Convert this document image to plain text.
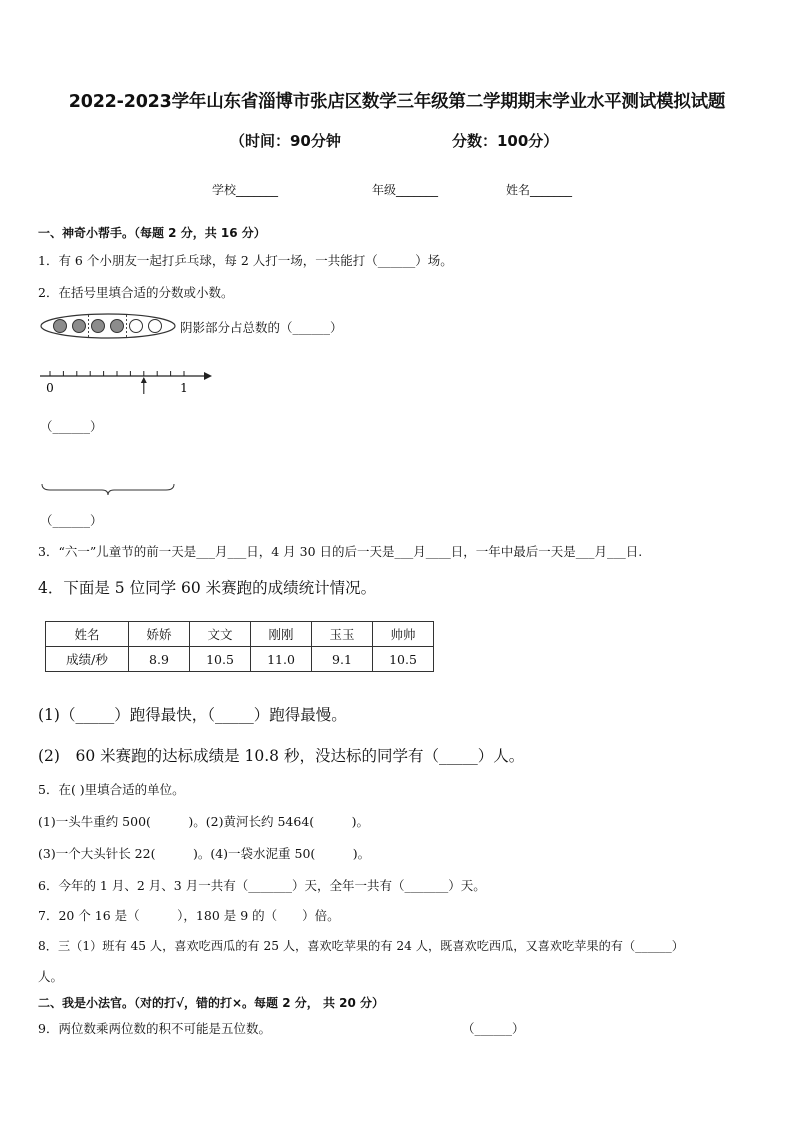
2022-2023学年山东省淄博市张店区数学三年级第二学期期末学业水平测试模拟试题
（时间：90分钟	分数：100分）
学校_______	年级_______	姓名_______
一、神奇小帮手。（每题 2 分，共 16 分）
1．有 6 个小朋友一起打乒乓球，每 2 人打一场，一共能打（______）场。
2．在括号里填合适的分数或小数。
阴影部分占总数的（______）
0	1
（______）
（______）
3．“六一”儿童节的前一天是___月___日，4 月 30 日的后一天是___月____日，一年中最后一天是___月___日.
4．下面是 5 位同学 60 米赛跑的成绩统计情况。
姓名	娇娇	文文	刚刚	玉玉	帅帅
成绩/秒	8.9	10.5	11.0	9.1	10.5
(1)（_____）跑得最快，（_____）跑得最慢。
(2)　60 米赛跑的达标成绩是 10.8 秒，没达标的同学有（_____）人。
5．在( )里填合适的单位。
(1)一头牛重约 500(　　　)。(2)黄河长约 5464(　　　)。
(3)一个大头针长 22(　　　)。(4)一袋水泥重 50(　　　)。
6．今年的 1 月、2 月、3 月一共有（_______）天，全年一共有（_______）天。
7．20 个 16 是（　　　），180 是 9 的（　　）倍。
8．三（1）班有 45 人，喜欢吃西瓜的有 25 人，喜欢吃苹果的有 24 人，既喜欢吃西瓜，又喜欢吃苹果的有（______）
人。
二、我是小法官。（对的打√，错的打×。每题 2 分， 共 20 分）
9．两位数乘两位数的积不可能是五位数。	（______）
